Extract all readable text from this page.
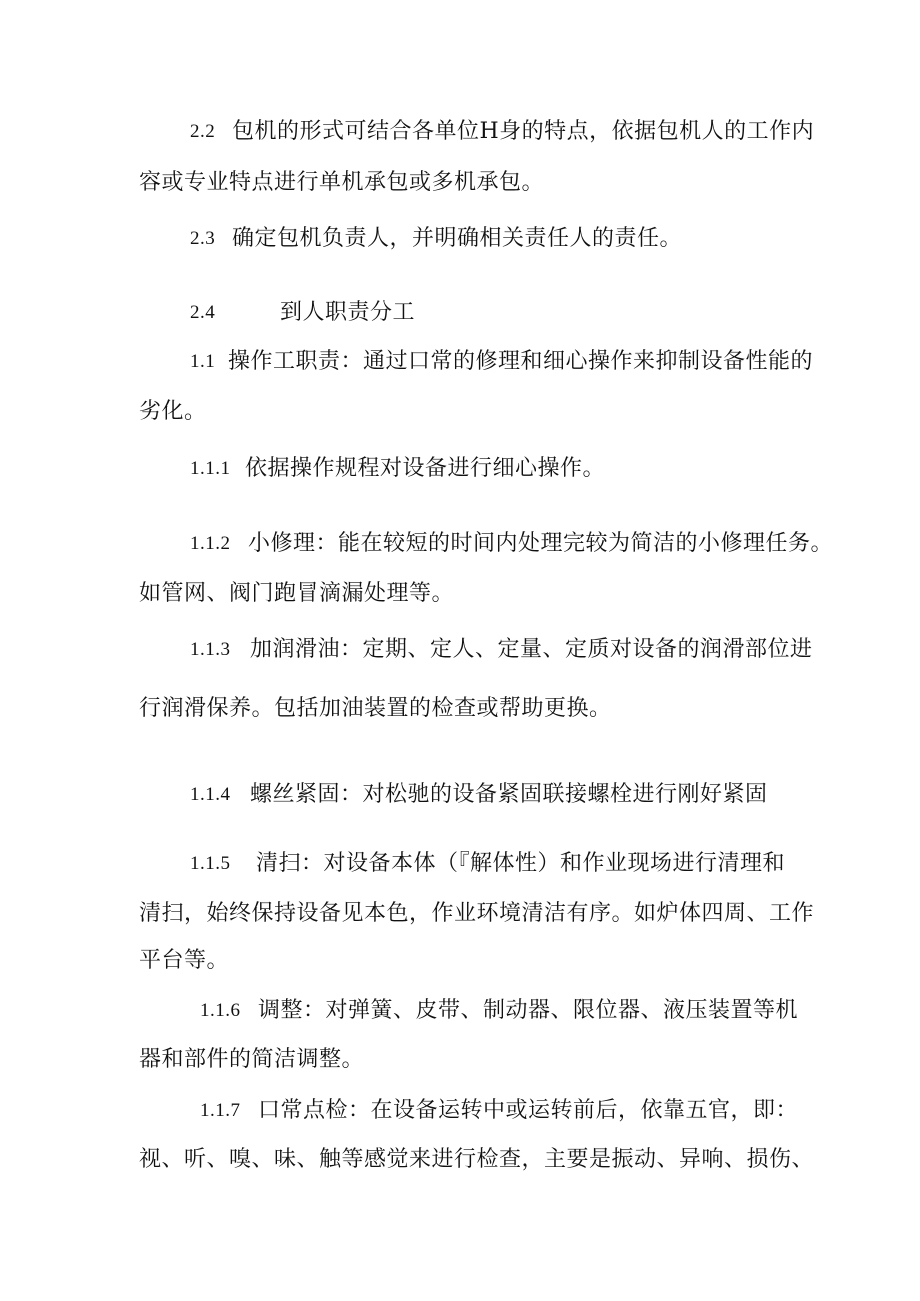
2.2 包机的形式可结合各单位H身的特点，依据包机人的工作内
容或专业特点进行单机承包或多机承包。
2.3 确定包机负责人，并明确相关责任人的责任。
2.4	到人职责分工
1.1 操作工职责：通过口常的修理和细心操作来抑制设备性能的
劣化。
1.1.1 依据操作规程对设备进行细心操作。
1.1.2 小修理：能在较短的时间内处理完较为简洁的小修理任务。
如管网、阀门跑冒滴漏处理等。
1.1.3 加润滑油：定期、定人、定量、定质对设备的润滑部位进
行润滑保养。包括加油装置的检查或帮助更换。
1.1.4 螺丝紧固：对松驰的设备紧固联接螺栓进行刚好紧固
1.1.5 清扫：对设备本体（『解体性）和作业现场进行清理和
清扫，始终保持设备见本色，作业环境清洁有序。如炉体四周、工作
平台等。
1.1.6 调整：对弹簧、皮带、制动器、限位器、液压装置等机
器和部件的简洁调整。
1.1.7 口常点检：在设备运转中或运转前后，依靠五官，即：
视、听、嗅、味、触等感觉来进行检查，主要是振动、异响、损伤、
